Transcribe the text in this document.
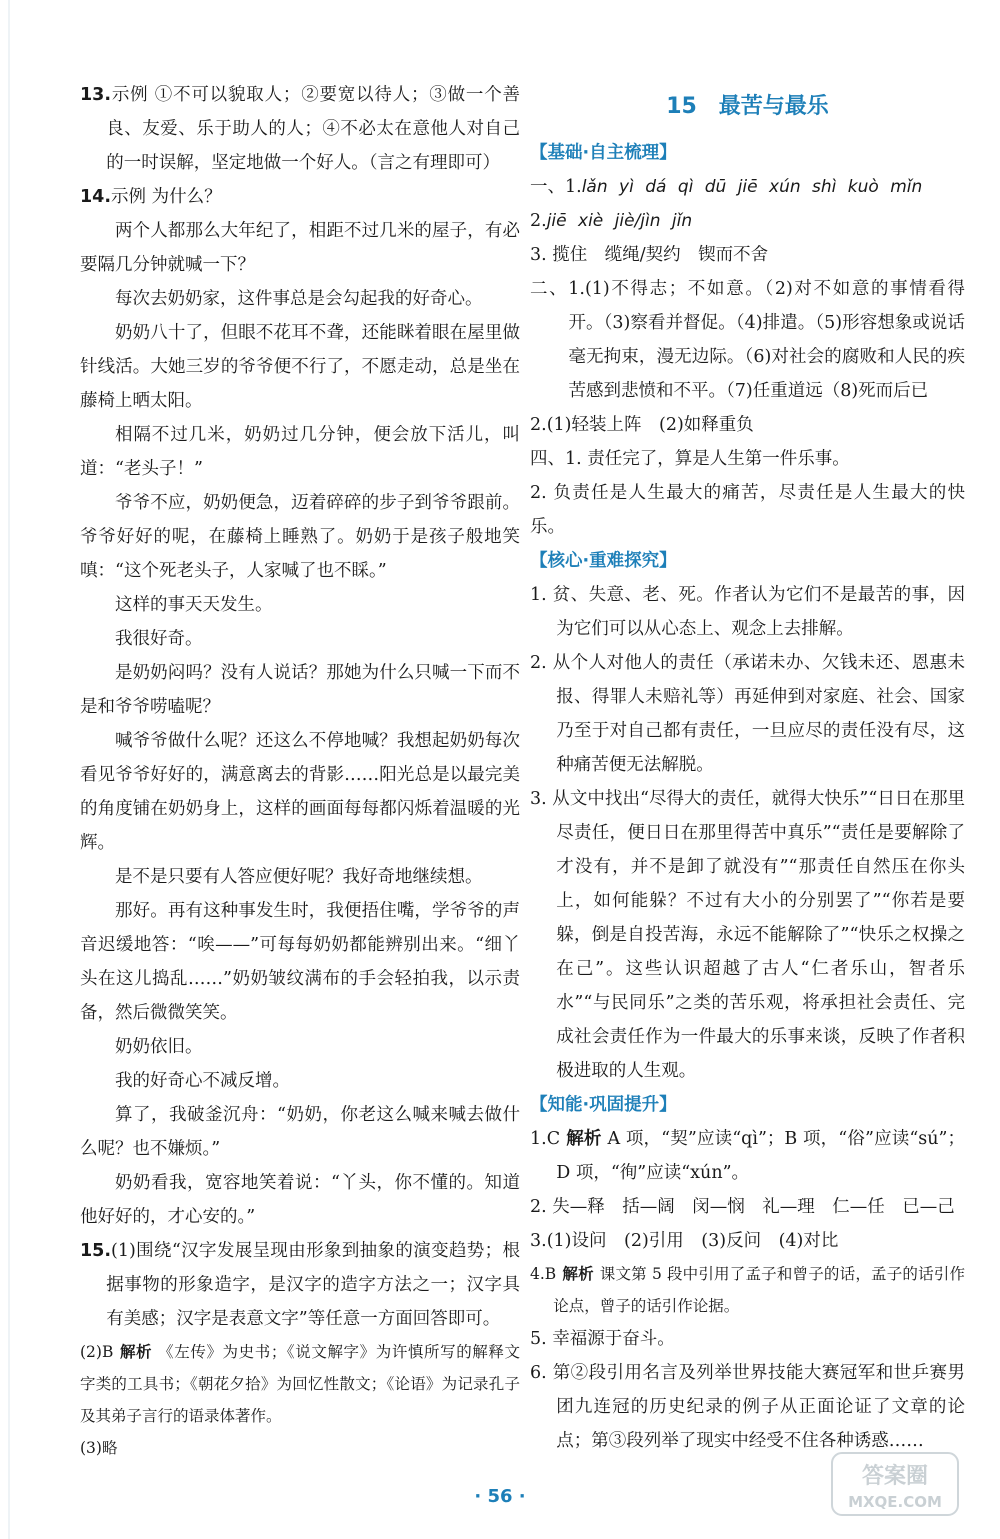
13.示例 ①不可以貌取人；②要宽以待人；③做一个善良、友爱、乐于助人的人；④不必太在意他人对自己的一时误解，坚定地做一个好人。（言之有理即可）

14.示例 为什么？

两个人都那么大年纪了，相距不过几米的屋子，有必要隔几分钟就喊一下？

每次去奶奶家，这件事总是会勾起我的好奇心。

奶奶八十了，但眼不花耳不聋，还能眯着眼在屋里做针线活。大她三岁的爷爷便不行了，不愿走动，总是坐在藤椅上晒太阳。

相隔不过几米，奶奶过几分钟，便会放下活儿，叫道：“老头子！”

爷爷不应，奶奶便急，迈着碎碎的步子到爷爷跟前。爷爷好好的呢，在藤椅上睡熟了。奶奶于是孩子般地笑嗔：“这个死老头子，人家喊了也不睬。”

这样的事天天发生。

我很好奇。

是奶奶闷吗？没有人说话？那她为什么只喊一下而不是和爷爷唠嗑呢？

喊爷爷做什么呢？还这么不停地喊？我想起奶奶每次看见爷爷好好的，满意离去的背影……阳光总是以最完美的角度铺在奶奶身上，这样的画面每每都闪烁着温暖的光辉。

是不是只要有人答应便好呢？我好奇地继续想。

那好。再有这种事发生时，我便捂住嘴，学爷爷的声音迟缓地答：“唉——”可每每奶奶都能辨别出来。“细丫头在这儿捣乱……”奶奶皱纹满布的手会轻拍我，以示责备，然后微微笑笑。

奶奶依旧。

我的好奇心不减反增。

算了，我破釜沉舟：“奶奶，你老这么喊来喊去做什么呢？也不嫌烦。”

奶奶看我，宽容地笑着说：“丫头，你不懂的。知道他好好的，才心安的。”

15.(1)围绕“汉字发展呈现由形象到抽象的演变趋势；根据事物的形象造字，是汉字的造字方法之一；汉字具有美感；汉字是表意文字”等任意一方面回答即可。

(2)B 解析 《左传》为史书；《说文解字》为许慎所写的解释文字类的工具书；《朝花夕拾》为回忆性散文；《论语》为记录孔子及其弟子言行的语录体著作。

(3)略

15　最苦与最乐
【基础·自主梳理】

一、1.lǎn yì dá qì dū jiē xún shì kuò mǐn

2.jiē xiè jiè/jìn jǐn

3. 揽住　缆绳/契约　锲而不舍

二、1.(1)不得志；不如意。（2)对不如意的事情看得开。（3)察看并督促。（4)排遣。（5)形容想象或说话毫无拘束，漫无边际。（6)对社会的腐败和人民的疾苦感到悲愤和不平。（7)任重道远（8)死而后已

2.(1)轻装上阵　(2)如释重负

四、1. 责任完了，算是人生第一件乐事。

2. 负责任是人生最大的痛苦，尽责任是人生最大的快乐。

【核心·重难探究】

1. 贫、失意、老、死。作者认为它们不是最苦的事，因为它们可以从心态上、观念上去排解。

2. 从个人对他人的责任（承诺未办、欠钱未还、恩惠未报、得罪人未赔礼等）再延伸到对家庭、社会、国家乃至于对自己都有责任，一旦应尽的责任没有尽，这种痛苦便无法解脱。

3. 从文中找出“尽得大的责任，就得大快乐”“日日在那里尽责任，便日日在那里得苦中真乐”“责任是要解除了才没有，并不是卸了就没有”“那责任自然压在你头上，如何能躲？不过有大小的分别罢了”“你若是要躲，倒是自投苦海，永远不能解除了”“快乐之权操之在己”。这些认识超越了古人“仁者乐山，智者乐水”“与民同乐”之类的苦乐观，将承担社会责任、完成社会责任作为一件最大的乐事来谈，反映了作者积极进取的人生观。

【知能·巩固提升】

1.C 解析 A 项，“契”应读“qì”；B 项，“俗”应读“sú”；D 项，“徇”应读“xún”。

2. 失—释　括—阔　闵—悯　礼—理　仁—任　已—己

3.(1)设问　(2)引用　(3)反问　(4)对比

4.B 解析 课文第 5 段中引用了孟子和曾子的话，孟子的话引作论点，曾子的话引作论据。

5. 幸福源于奋斗。

6. 第②段引用名言及列举世界技能大赛冠军和世乒赛男团九连冠的历史纪录的例子从正面论证了文章的论点；第③段列举了现实中经受不住各种诱惑……

· 56 ·
答案圈
MXQE.COM
